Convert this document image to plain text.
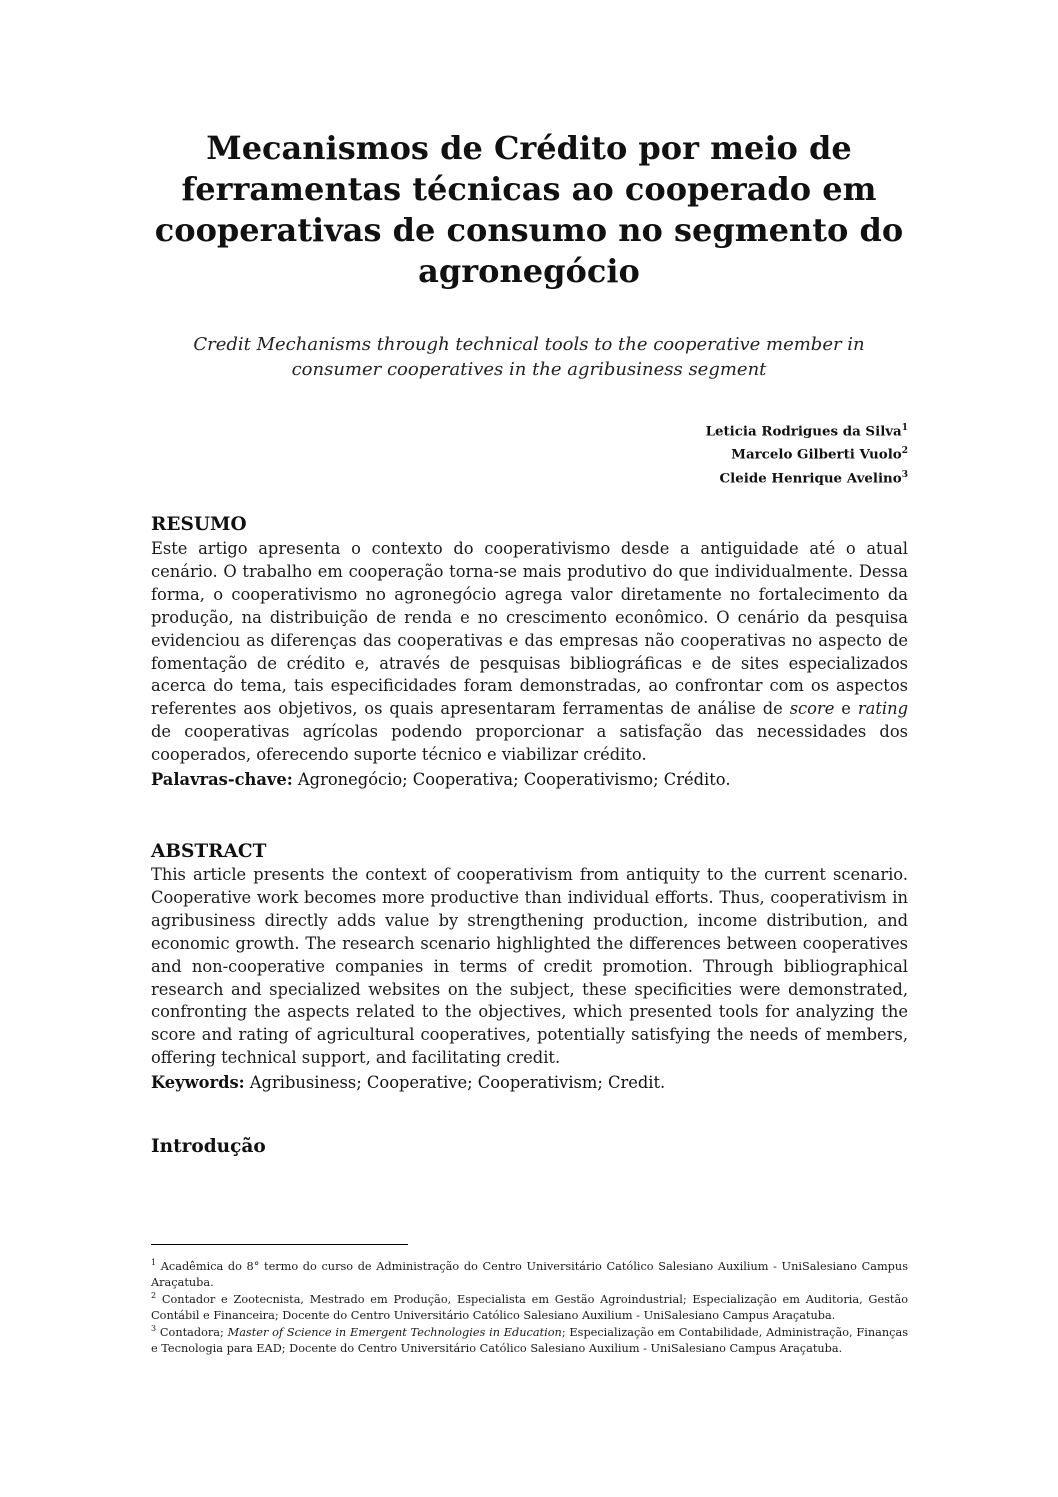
Mecanismos de Crédito por meio de ferramentas técnicas ao cooperado em cooperativas de consumo no segmento do agronegócio

Credit Mechanisms through technical tools to the cooperative member in consumer cooperatives in the agribusiness segment

Leticia Rodrigues da Silva$^1$
Marcelo Gilberti Vuolo$^2$
Cleide Henrique Avelino$^3$
RESUMO

Este artigo apresenta o contexto do cooperativismo desde a antiguidade até o atual cenário. O trabalho em cooperação torna-se mais produtivo do que individualmente. Dessa forma, o cooperativismo no agronegócio agrega valor diretamente no fortalecimento da produção, na distribuição de renda e no crescimento econômico. O cenário da pesquisa evidenciou as diferenças das cooperativas e das empresas não cooperativas no aspecto de fomentação de crédito e, através de pesquisas bibliográficas e de sites especializados acerca do tema, tais especificidades foram demonstradas, ao confrontar com os aspectos referentes aos objetivos, os quais apresentaram ferramentas de análise de score e rating de cooperativas agrícolas podendo proporcionar a satisfação das necessidades dos cooperados, oferecendo suporte técnico e viabilizar crédito.

Palavras-chave: Agronegócio; Cooperativa; Cooperativismo; Crédito.

ABSTRACT

This article presents the context of cooperativism from antiquity to the current scenario. Cooperative work becomes more productive than individual efforts. Thus, cooperativism in agribusiness directly adds value by strengthening production, income distribution, and economic growth. The research scenario highlighted the differences between cooperatives and non-cooperative companies in terms of credit promotion. Through bibliographical research and specialized websites on the subject, these specificities were demonstrated, confronting the aspects related to the objectives, which presented tools for analyzing the score and rating of agricultural cooperatives, potentially satisfying the needs of members, offering technical support, and facilitating credit.

Keywords: Agribusiness; Cooperative; Cooperativism; Credit.

Introdução

$^1$ Acadêmica do 8° termo do curso de Administração do Centro Universitário Católico Salesiano Auxilium - UniSalesiano Campus Araçatuba.

$^2$ Contador e Zootecnista, Mestrado em Produção, Especialista em Gestão Agroindustrial; Especialização em Auditoria, Gestão Contábil e Financeira; Docente do Centro Universitário Católico Salesiano Auxilium - UniSalesiano Campus Araçatuba.

$^3$ Contadora; Master of Science in Emergent Technologies in Education; Especialização em Contabilidade, Administração, Finanças e Tecnologia para EAD; Docente do Centro Universitário Católico Salesiano Auxilium - UniSalesiano Campus Araçatuba.
